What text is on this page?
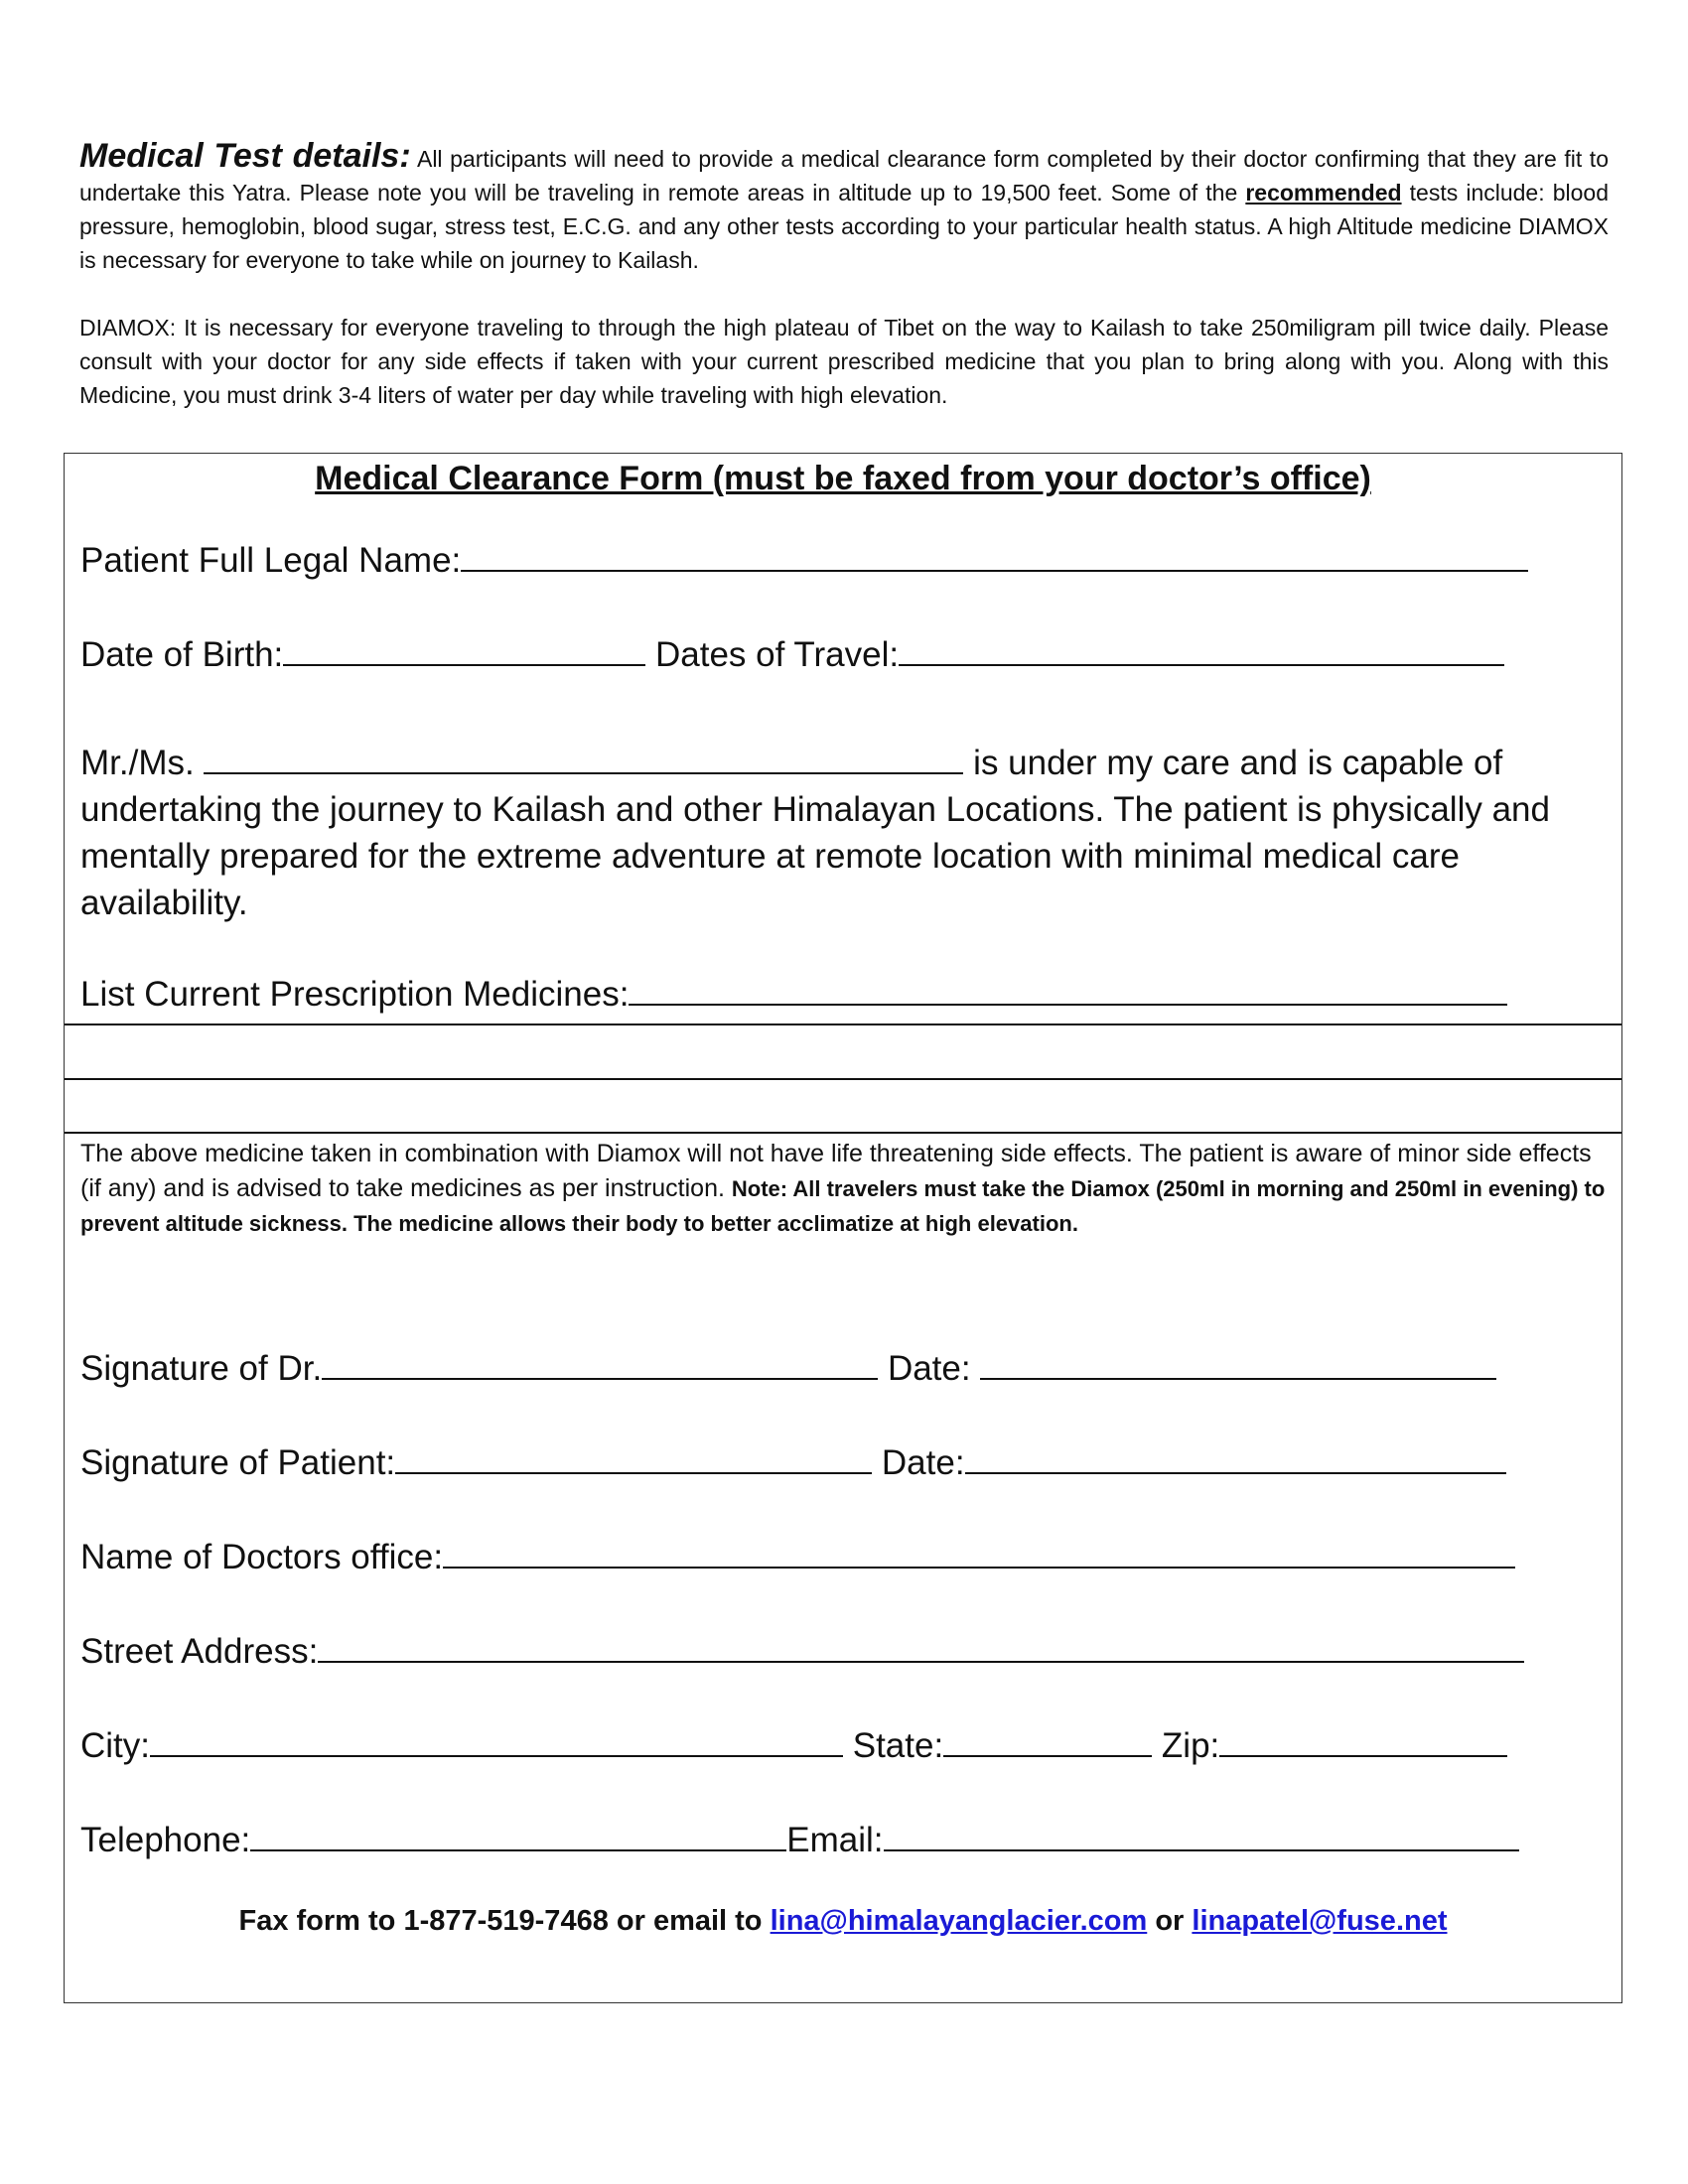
Medical Test details: All participants will need to provide a medical clearance form completed by their doctor confirming that they are fit to undertake this Yatra. Please note you will be traveling in remote areas in altitude up to 19,500 feet. Some of the recommended tests include: blood pressure, hemoglobin, blood sugar, stress test, E.C.G. and any other tests according to your particular health status. A high Altitude medicine DIAMOX is necessary for everyone to take while on journey to Kailash.

DIAMOX: It is necessary for everyone traveling to through the high plateau of Tibet on the way to Kailash to take 250miligram pill twice daily. Please consult with your doctor for any side effects if taken with your current prescribed medicine that you plan to bring along with you. Along with this Medicine, you must drink 3-4 liters of water per day while traveling with high elevation.

Medical Clearance Form (must be faxed from your doctor’s office)
Patient Full Legal Name:
Date of Birth:	Dates of Travel:
Mr./Ms.	is under my care and is capable of undertaking the journey to Kailash and other Himalayan Locations. The patient is physically and mentally prepared for the extreme adventure at remote location with minimal medical care availability.
List Current Prescription Medicines:
The above medicine taken in combination with Diamox will not have life threatening side effects. The patient is aware of minor side effects (if any) and is advised to take medicines as per instruction. Note: All travelers must take the Diamox (250ml in morning and 250ml in evening) to prevent altitude sickness. The medicine allows their body to better acclimatize at high elevation.
Signature of Dr.	Date:
Signature of Patient:	Date:
Name of Doctors office:
Street Address:
City:	State:	Zip:
Telephone:	Email:
Fax form to 1-877-519-7468 or email to lina@himalayanglacier.com or linapatel@fuse.net
